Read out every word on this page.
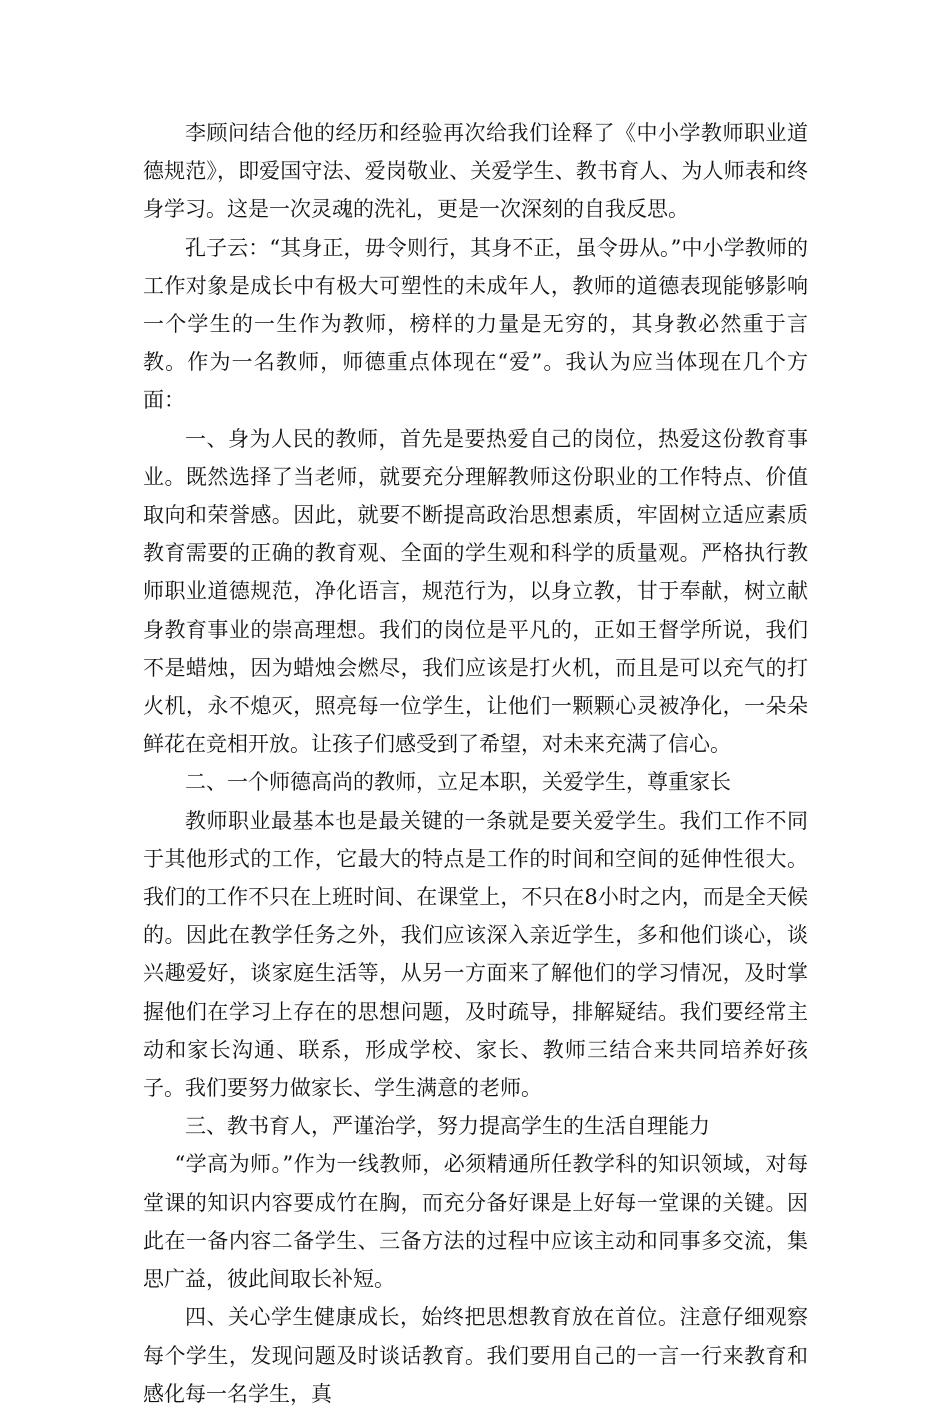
李顾问结合他的经历和经验再次给我们诠释了《中小学教师职业道德规范》，即爱国守法、爱岗敬业、关爱学生、教书育人、为人师表和终身学习。这是一次灵魂的洗礼，更是一次深刻的自我反思。

孔子云：“其身正，毋令则行，其身不正，虽令毋从。”中小学教师的工作对象是成长中有极大可塑性的未成年人，教师的道德表现能够影响一个学生的一生作为教师，榜样的力量是无穷的，其身教必然重于言教。作为一名教师，师德重点体现在“爱”。我认为应当体现在几个方面：

一、身为人民的教师，首先是要热爱自己的岗位，热爱这份教育事业。既然选择了当老师，就要充分理解教师这份职业的工作特点、价值取向和荣誉感。因此，就要不断提高政治思想素质，牢固树立适应素质教育需要的正确的教育观、全面的学生观和科学的质量观。严格执行教师职业道德规范，净化语言，规范行为，以身立教，甘于奉献，树立献身教育事业的崇高理想。我们的岗位是平凡的，正如王督学所说，我们不是蜡烛，因为蜡烛会燃尽，我们应该是打火机，而且是可以充气的打火机，永不熄灭，照亮每一位学生，让他们一颗颗心灵被净化，一朵朵鲜花在竞相开放。让孩子们感受到了希望，对未来充满了信心。

二、一个师德高尚的教师，立足本职，关爱学生，尊重家长

教师职业最基本也是最关键的一条就是要关爱学生。我们工作不同于其他形式的工作，它最大的特点是工作的时间和空间的延伸性很大。我们的工作不只在上班时间、在课堂上，不只在8小时之内，而是全天候的。因此在教学任务之外，我们应该深入亲近学生，多和他们谈心，谈兴趣爱好，谈家庭生活等，从另一方面来了解他们的学习情况，及时掌握他们在学习上存在的思想问题，及时疏导，排解疑结。我们要经常主动和家长沟通、联系，形成学校、家长、教师三结合来共同培养好孩子。我们要努力做家长、学生满意的老师。

三、教书育人，严谨治学，努力提高学生的生活自理能力

“学高为师。”作为一线教师，必须精通所任教学科的知识领域，对每堂课的知识内容要成竹在胸，而充分备好课是上好每一堂课的关键。因此在一备内容二备学生、三备方法的过程中应该主动和同事多交流，集思广益，彼此间取长补短。

四、关心学生健康成长，始终把思想教育放在首位。注意仔细观察每个学生，发现问题及时谈话教育。我们要用自己的一言一行来教育和感化每一名学生，真
